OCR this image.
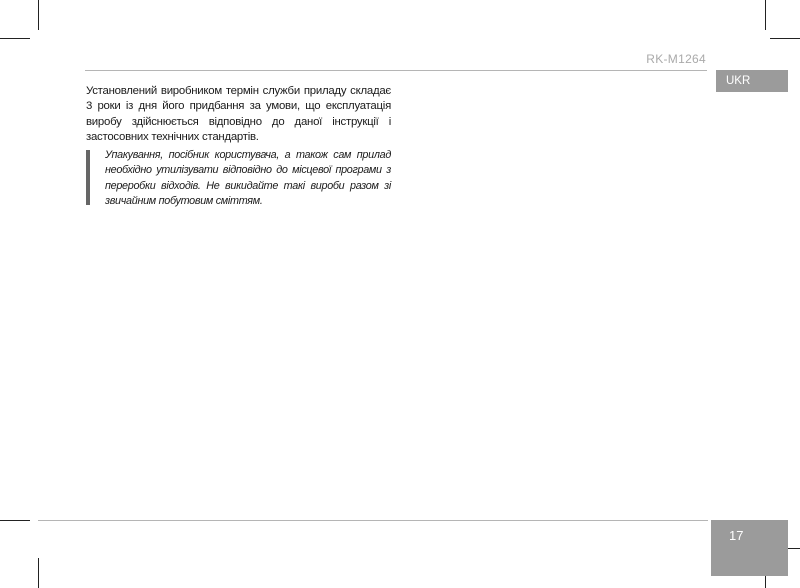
RK-M1264
UKR

Установлений виробником термін служби приладу складає 3 роки із дня його придбання за умови, що експлуатація виробу здійснюється відповідно до даної інструкції і застосовних технічних стандартів.

Упакування, посібник користувача, а також сам прилад необхідно утилізувати відповідно до місцевої програми з переробки відходів. Не викидайте такі вироби разом зі звичайним побутовим сміттям.

17
